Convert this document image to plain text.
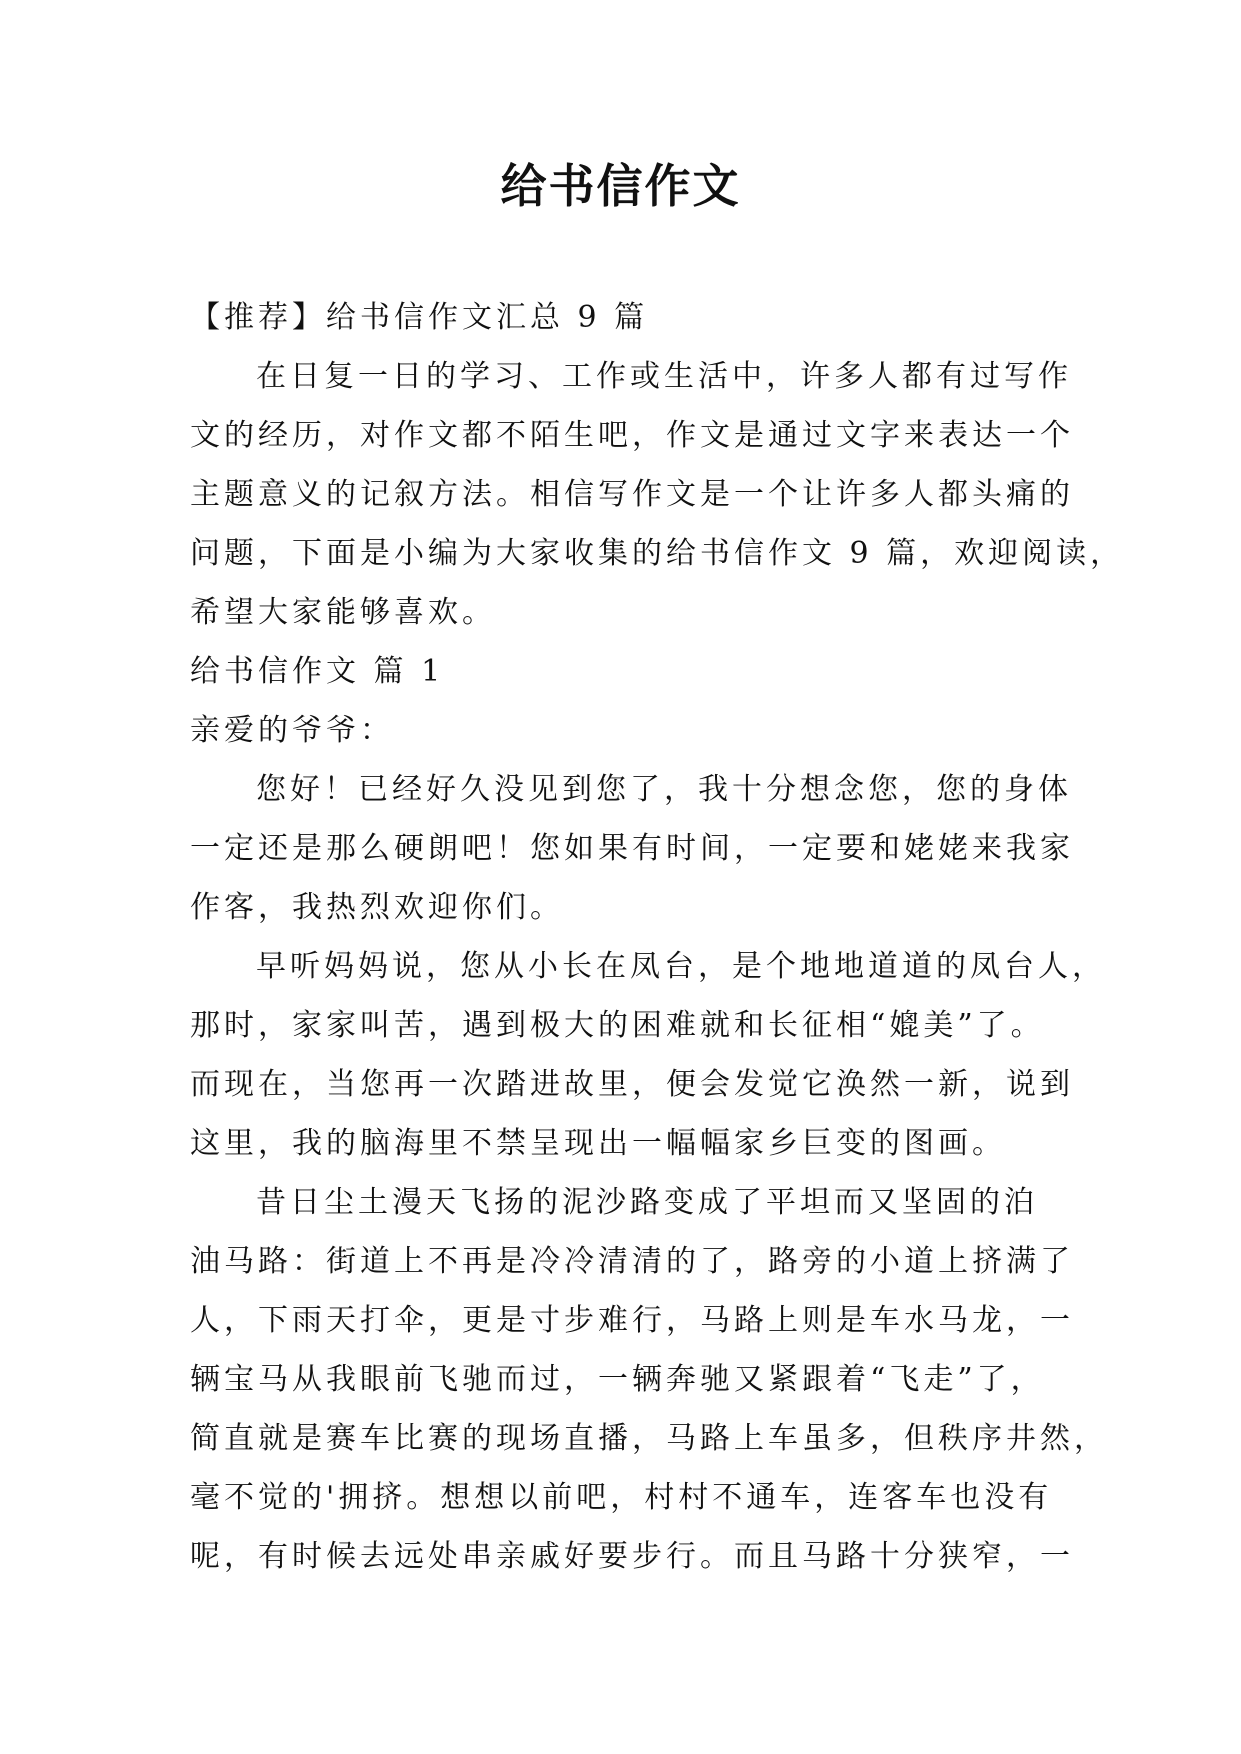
给书信作文
【推荐】给书信作文汇总 9 篇
在日复一日的学习、工作或生活中，许多人都有过写作
文的经历，对作文都不陌生吧，作文是通过文字来表达一个
主题意义的记叙方法。相信写作文是一个让许多人都头痛的
问题，下面是小编为大家收集的给书信作文 9 篇，欢迎阅读，
希望大家能够喜欢。
给书信作文 篇 1
亲爱的爷爷：
您好！已经好久没见到您了，我十分想念您，您的身体
一定还是那么硬朗吧！您如果有时间，一定要和姥姥来我家
作客，我热烈欢迎你们。
早听妈妈说，您从小长在凤台，是个地地道道的凤台人，
那时，家家叫苦，遇到极大的困难就和长征相“媲美”了。
而现在，当您再一次踏进故里，便会发觉它涣然一新，说到
这里，我的脑海里不禁呈现出一幅幅家乡巨变的图画。
昔日尘土漫天飞扬的泥沙路变成了平坦而又坚固的泊
油马路：街道上不再是冷冷清清的了，路旁的小道上挤满了
人，下雨天打伞，更是寸步难行，马路上则是车水马龙，一
辆宝马从我眼前飞驰而过，一辆奔驰又紧跟着“飞走”了，
简直就是赛车比赛的现场直播，马路上车虽多，但秩序井然，
毫不觉的'拥挤。想想以前吧，村村不通车，连客车也没有
呢，有时候去远处串亲戚好要步行。而且马路十分狭窄，一
